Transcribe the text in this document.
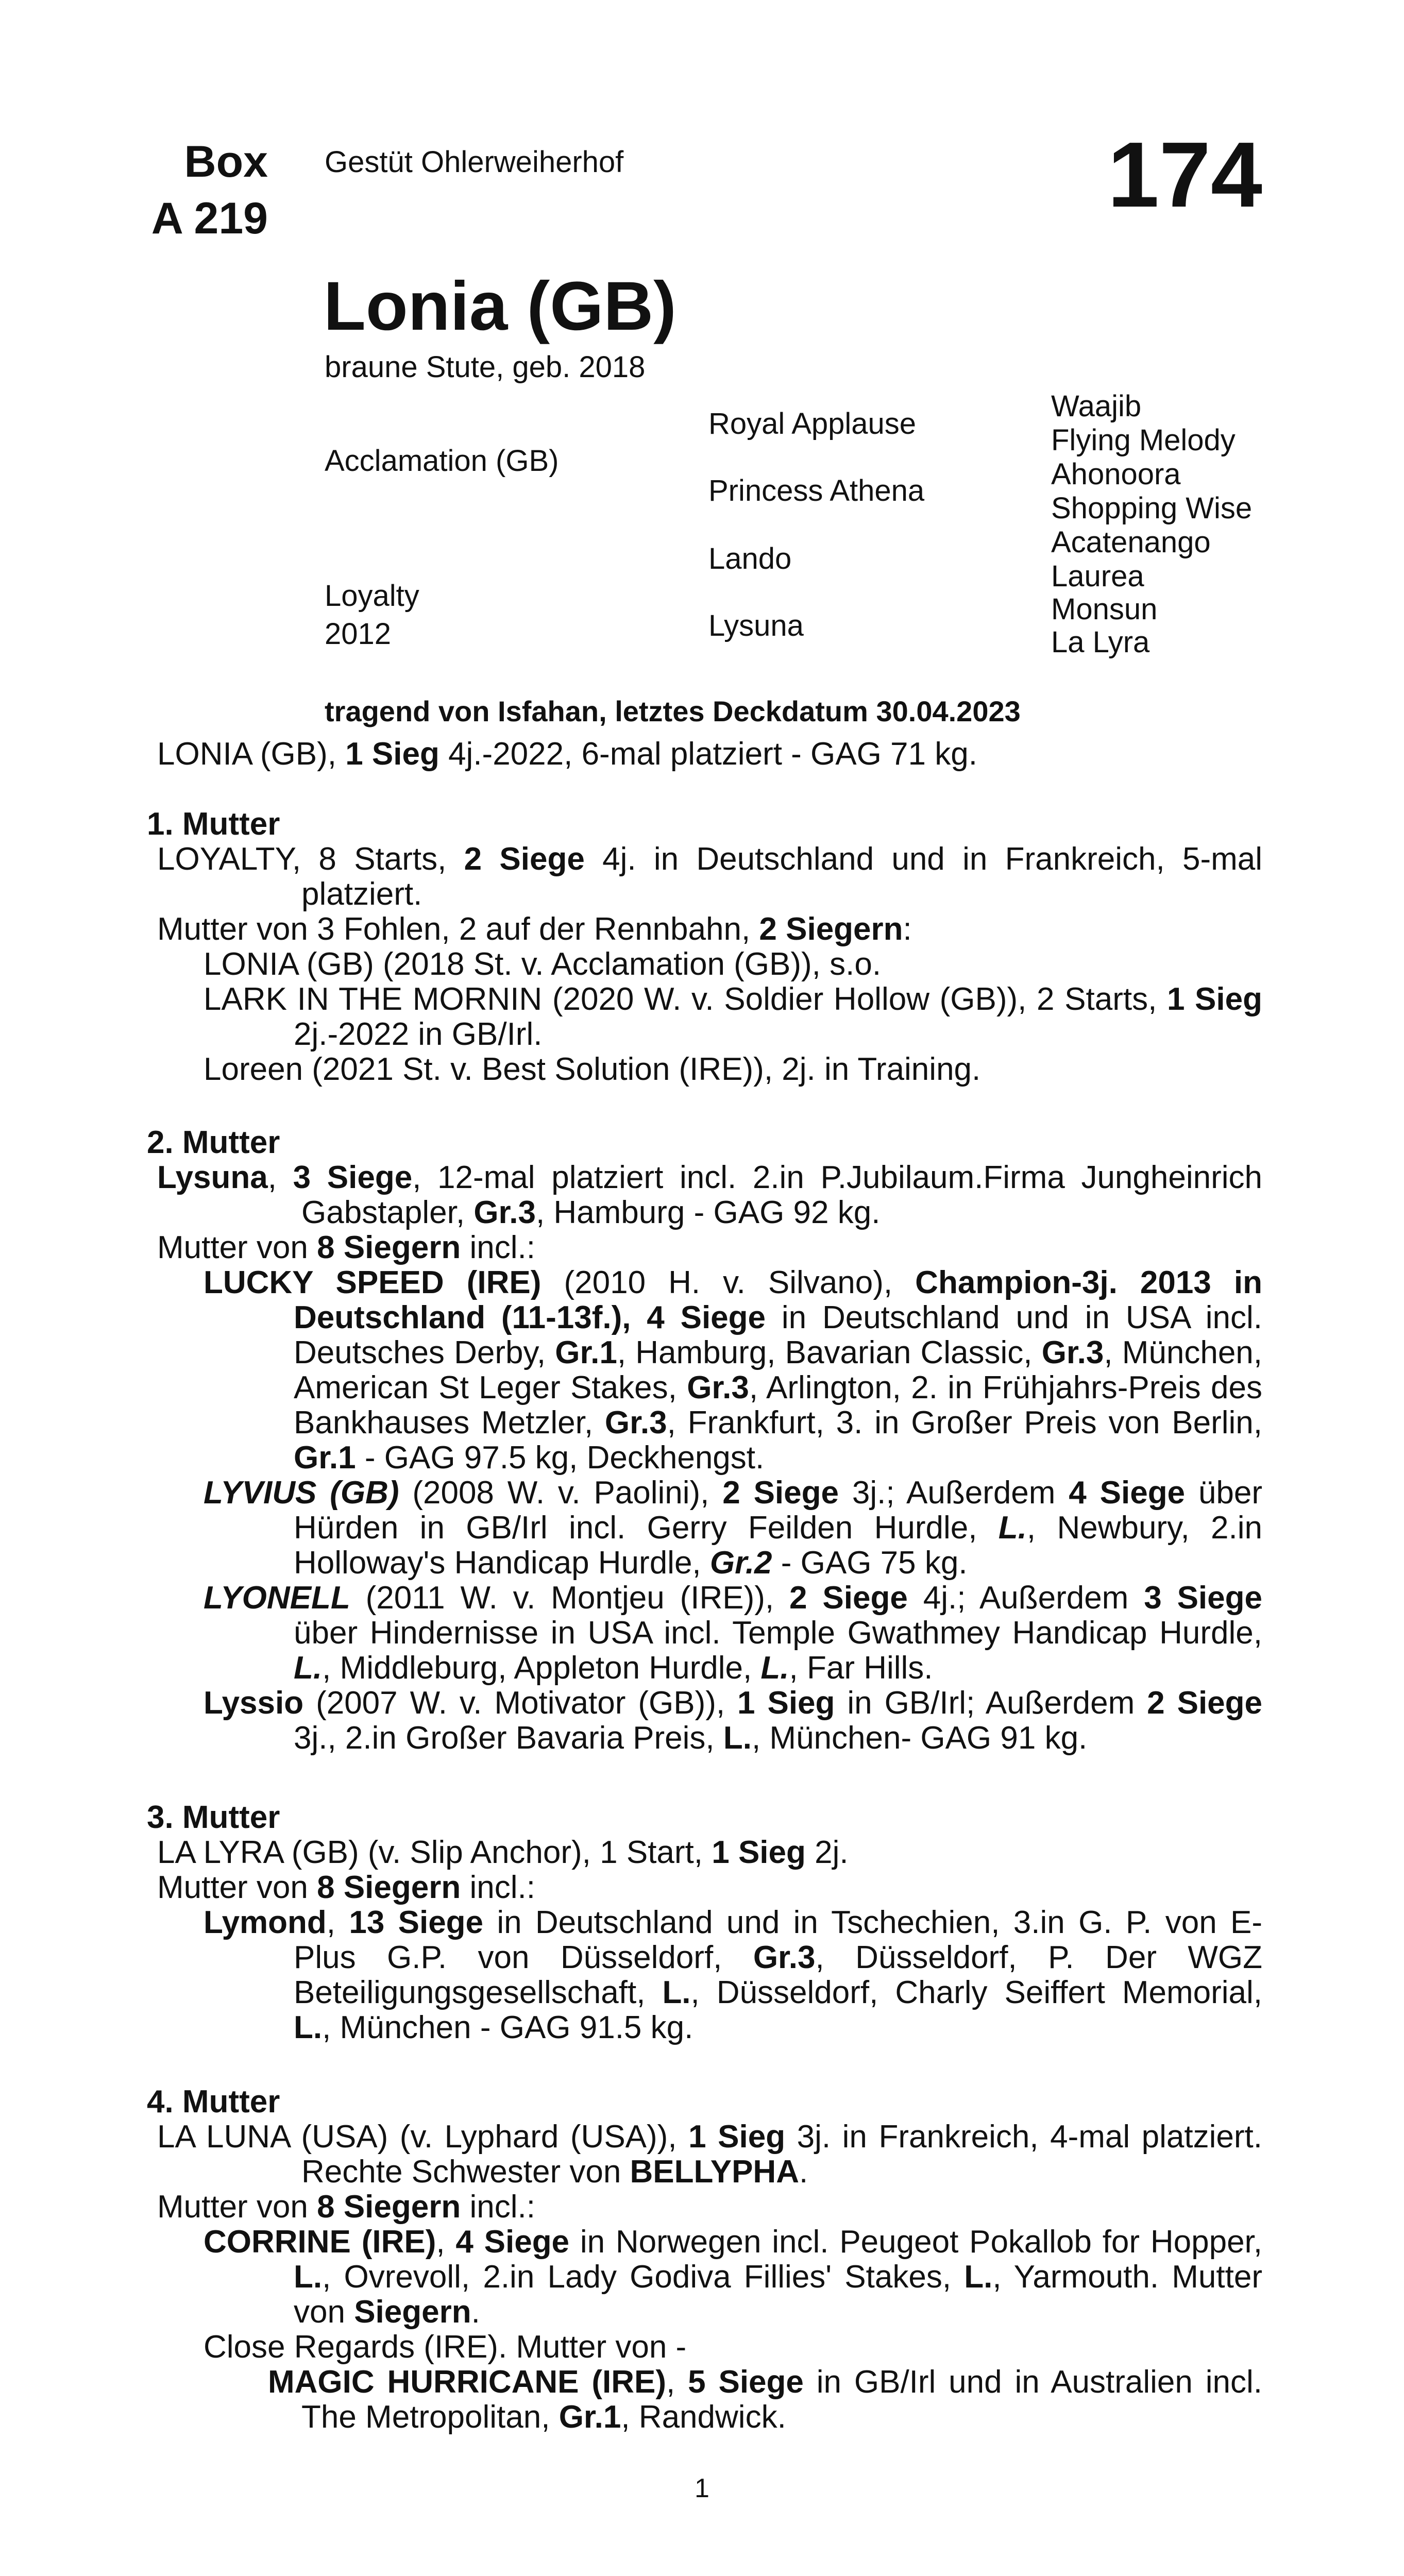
Box
A 219
Gestüt Ohlerweiherhof	174
Lonia (GB)
braune Stute, geb. 2018
Acclamation (GB)
Loyalty
2012
Royal Applause
Princess Athena
Lando
Lysuna
Waajib
Flying Melody
Ahonoora
Shopping Wise
Acatenango
Laurea
Monsun
La Lyra
tragend von Isfahan, letztes Deckdatum 30.04.2023
LONIA (GB), 1 Sieg 4j.-2022, 6-mal platziert - GAG 71 kg.
1. Mutter
LOYALTY, 8 Starts, 2 Siege 4j. in Deutschland und in Frankreich, 5-mal platziert.
Mutter von 3 Fohlen, 2 auf der Rennbahn, 2 Siegern:
LONIA (GB) (2018 St. v. Acclamation (GB)), s.o.
LARK IN THE MORNIN (2020 W. v. Soldier Hollow (GB)), 2 Starts, 1 Sieg 2j.-2022 in GB/Irl.
Loreen (2021 St. v. Best Solution (IRE)), 2j. in Training.
2. Mutter
Lysuna, 3 Siege, 12-mal platziert incl. 2.in P.Jubilaum.Firma Jungheinrich Gabstapler, Gr.3, Hamburg - GAG 92 kg.
Mutter von 8 Siegern incl.:
LUCKY SPEED (IRE) (2010 H. v. Silvano), Champion-3j. 2013 in Deutschland (11-13f.), 4 Siege in Deutschland und in USA incl. Deutsches Derby, Gr.1, Hamburg, Bavarian Classic, Gr.3, München, American St Leger Stakes, Gr.3, Arlington, 2. in Frühjahrs-Preis des Bankhauses Metzler, Gr.3, Frankfurt, 3. in Großer Preis von Berlin, Gr.1 - GAG 97.5 kg, Deckhengst.
LYVIUS (GB) (2008 W. v. Paolini), 2 Siege 3j.; Außerdem 4 Siege über Hürden in GB/Irl incl. Gerry Feilden Hurdle, L., Newbury, 2.in Holloway's Handicap Hurdle, Gr.2 - GAG 75 kg.
LYONELL (2011 W. v. Montjeu (IRE)), 2 Siege 4j.; Außerdem 3 Siege über Hindernisse in USA incl. Temple Gwathmey Handicap Hurdle, L., Middleburg, Appleton Hurdle, L., Far Hills.
Lyssio (2007 W. v. Motivator (GB)), 1 Sieg in GB/Irl; Außerdem 2 Siege 3j., 2.in Großer Bavaria Preis, L., München- GAG 91 kg.
3. Mutter
LA LYRA (GB) (v. Slip Anchor), 1 Start, 1 Sieg 2j.
Mutter von 8 Siegern incl.:
Lymond, 13 Siege in Deutschland und in Tschechien, 3.in G. P. von E-Plus G.P. von Düsseldorf, Gr.3, Düsseldorf, P. Der WGZ Beteiligungsgesellschaft, L., Düsseldorf, Charly Seiffert Memorial, L., München - GAG 91.5 kg.
4. Mutter
LA LUNA (USA) (v. Lyphard (USA)), 1 Sieg 3j. in Frankreich, 4-mal platziert. Rechte Schwester von BELLYPHA.
Mutter von 8 Siegern incl.:
CORRINE (IRE), 4 Siege in Norwegen incl. Peugeot Pokallob for Hopper, L., Ovrevoll, 2.in Lady Godiva Fillies' Stakes, L., Yarmouth. Mutter von Siegern.
Close Regards (IRE). Mutter von -
MAGIC HURRICANE (IRE), 5 Siege in GB/Irl und in Australien incl. The Metropolitan, Gr.1, Randwick.
1
